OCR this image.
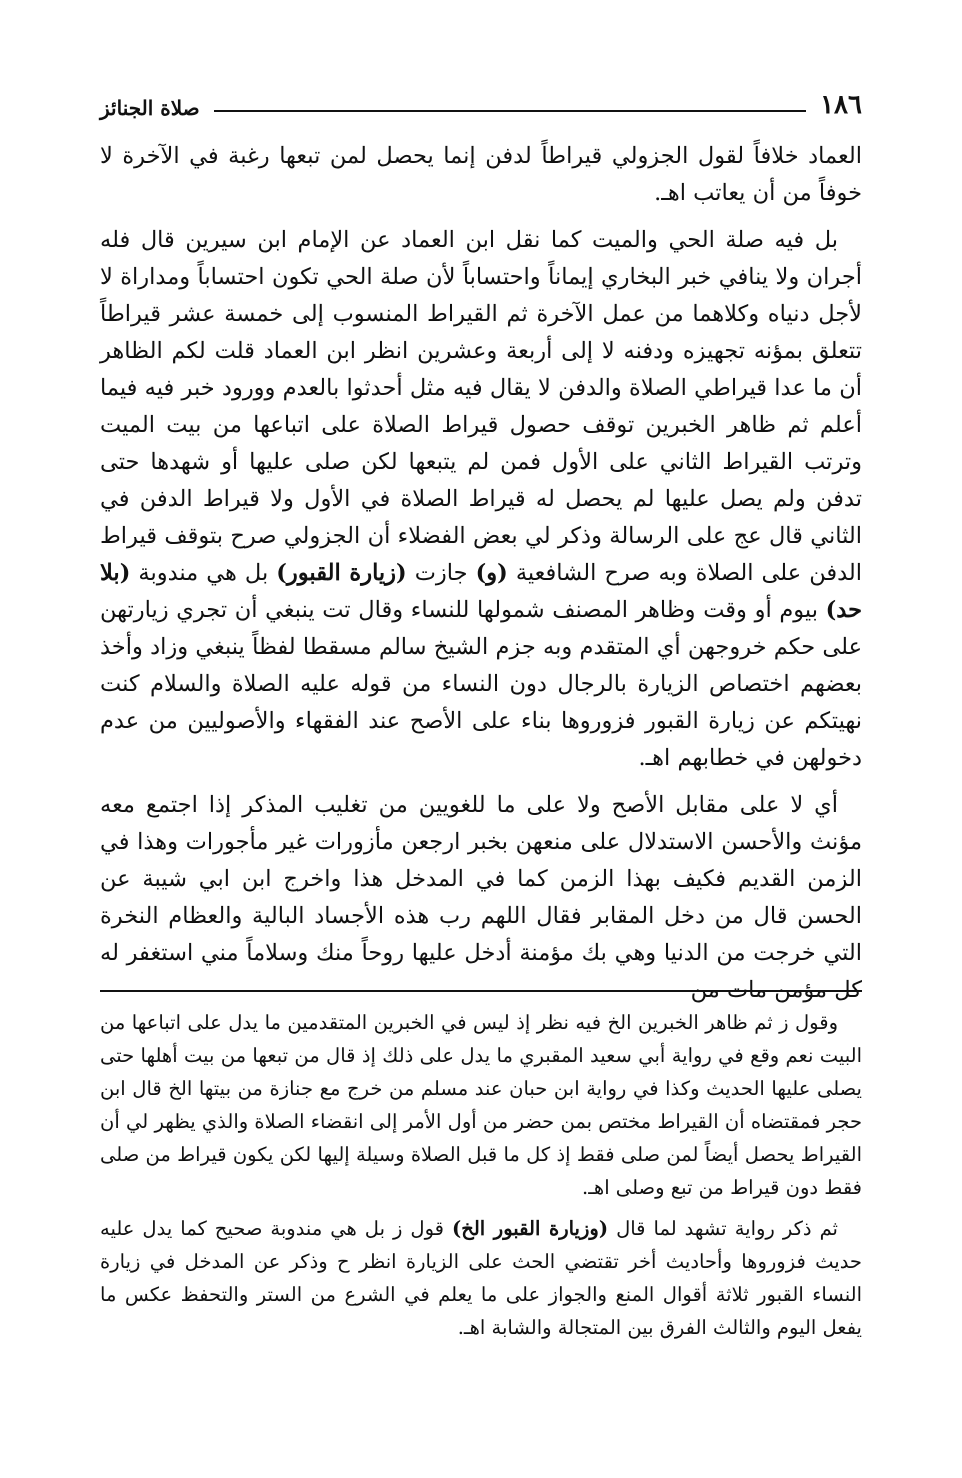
١٨٦
صلاة الجنائز

العماد خلافاً لقول الجزولي قيراطاً لدفن إنما يحصل لمن تبعها رغبة في الآخرة لا خوفاً من أن يعاتب اهـ.

بل فيه صلة الحي والميت كما نقل ابن العماد عن الإمام ابن سيرين قال فله أجران ولا ينافي خبر البخاري إيماناً واحتساباً لأن صلة الحي تكون احتساباً ومداراة لا لأجل دنياه وكلاهما من عمل الآخرة ثم القيراط المنسوب إلى خمسة عشر قيراطاً تتعلق بمؤنه تجهيزه ودفنه لا إلى أربعة وعشرين انظر ابن العماد قلت لكم الظاهر أن ما عدا قيراطي الصلاة والدفن لا يقال فيه مثل أحدثوا بالعدم وورود خبر فيه فيما أعلم ثم ظاهر الخبرين توقف حصول قيراط الصلاة على اتباعها من بيت الميت وترتب القيراط الثاني على الأول فمن لم يتبعها لكن صلى عليها أو شهدها حتى تدفن ولم يصل عليها لم يحصل له قيراط الصلاة في الأول ولا قيراط الدفن في الثاني قال عج على الرسالة وذكر لي بعض الفضلاء أن الجزولي صرح بتوقف قيراط الدفن على الصلاة وبه صرح الشافعية (و) جازت (زيارة القبور) بل هي مندوبة (بلا حد) بيوم أو وقت وظاهر المصنف شمولها للنساء وقال تت ينبغي أن تجري زيارتهن على حكم خروجهن أي المتقدم وبه جزم الشيخ سالم مسقطا لفظاً ينبغي وزاد وأخذ بعضهم اختصاص الزيارة بالرجال دون النساء من قوله عليه الصلاة والسلام كنت نهيتكم عن زيارة القبور فزوروها بناء على الأصح عند الفقهاء والأصوليين من عدم دخولهن في خطابهم اهـ.

أي لا على مقابل الأصح ولا على ما للغويين من تغليب المذكر إذا اجتمع معه مؤنث والأحسن الاستدلال على منعهن بخبر ارجعن مأزورات غير مأجورات وهذا في الزمن القديم فكيف بهذا الزمن كما في المدخل هذا واخرج ابن ابي شيبة عن الحسن قال من دخل المقابر فقال اللهم رب هذه الأجساد البالية والعظام النخرة التي خرجت من الدنيا وهي بك مؤمنة أدخل عليها روحاً منك وسلاماً مني استغفر له كل مؤمن مات من

وقول ز ثم ظاهر الخبرين الخ فيه نظر إذ ليس في الخبرين المتقدمين ما يدل على اتباعها من البيت نعم وقع في رواية أبي سعيد المقبري ما يدل على ذلك إذ قال من تبعها من بيت أهلها حتى يصلى عليها الحديث وكذا في رواية ابن حبان عند مسلم من خرج مع جنازة من بيتها الخ قال ابن حجر فمقتضاه أن القيراط مختص بمن حضر من أول الأمر إلى انقضاء الصلاة والذي يظهر لي أن القيراط يحصل أيضاً لمن صلى فقط إذ كل ما قبل الصلاة وسيلة إليها لكن يكون قيراط من صلى فقط دون قيراط من تبع وصلى اهـ.

ثم ذكر رواية تشهد لما قال (وزيارة القبور الخ) قول ز بل هي مندوبة صحيح كما يدل عليه حديث فزوروها وأحاديث أخر تقتضي الحث على الزيارة انظر ح وذكر عن المدخل في زيارة النساء القبور ثلاثة أقوال المنع والجواز على ما يعلم في الشرع من الستر والتحفظ عكس ما يفعل اليوم والثالث الفرق بين المتجالة والشابة اهـ.
